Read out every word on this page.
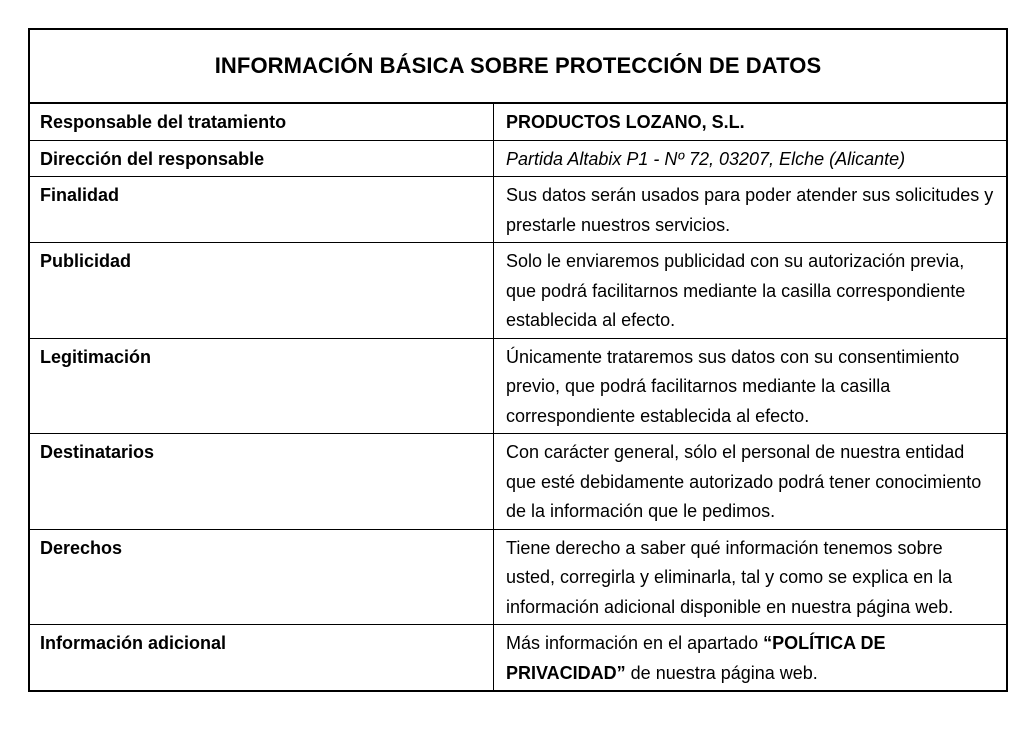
INFORMACIÓN BÁSICA SOBRE PROTECCIÓN DE DATOS
Responsable del tratamiento	PRODUCTOS LOZANO, S.L.
Dirección del responsable	Partida Altabix P1 - Nº 72, 03207, Elche (Alicante)
Finalidad	Sus datos serán usados para poder atender sus solicitudes y prestarle nuestros servicios.
Publicidad	Solo le enviaremos publicidad con su autorización previa, que podrá facilitarnos mediante la casilla correspondiente establecida al efecto.
Legitimación	Únicamente trataremos sus datos con su consentimiento previo, que podrá facilitarnos mediante la casilla correspondiente establecida al efecto.
Destinatarios	Con carácter general, sólo el personal de nuestra entidad que esté debidamente autorizado podrá tener conocimiento de la información que le pedimos.
Derechos	Tiene derecho a saber qué información tenemos sobre usted, corregirla y eliminarla, tal y como se explica en la información adicional disponible en nuestra página web.
Información adicional	Más información en el apartado “POLÍTICA DE PRIVACIDAD” de nuestra página web.
